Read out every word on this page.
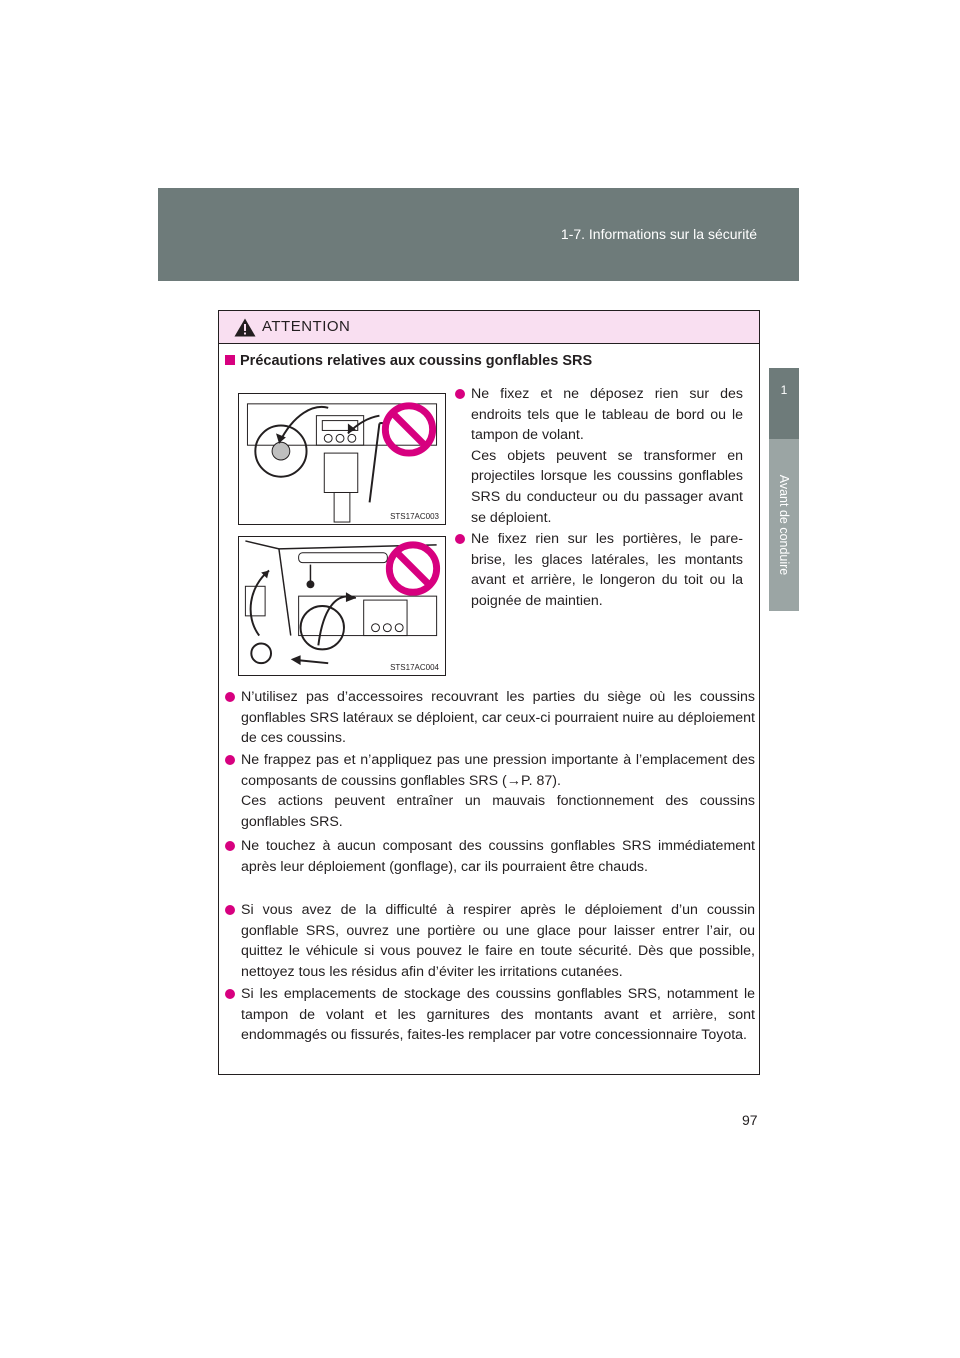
1-7. Informations sur la sécurité
1
Avant de conduire
ATTENTION
Précautions relatives aux coussins gonflables SRS
STS17AC003
STS17AC004

Ne fixez et ne déposez rien sur des endroits tels que le tableau de bord ou le tampon de volant.

Ces objets peuvent se transformer en projectiles lorsque les coussins gonflables SRS du conducteur ou du passager avant se déploient.

Ne fixez rien sur les portières, le pare-brise, les glaces latérales, les montants avant et arrière, le longeron du toit ou la poignée de maintien.

N’utilisez pas d’accessoires recouvrant les parties du siège où les coussins gonflables SRS latéraux se déploient, car ceux-ci pourraient nuire au déploiement de ces coussins.

Ne frappez pas et n’appliquez pas une pression importante à l’emplacement des composants de coussins gonflables SRS (→P. 87).

Ces actions peuvent entraîner un mauvais fonctionnement des coussins gonflables SRS.

Ne touchez à aucun composant des coussins gonflables SRS immédiatement après leur déploiement (gonflage), car ils pourraient être chauds.

Si vous avez de la difficulté à respirer après le déploiement d’un coussin gonflable SRS, ouvrez une portière ou une glace pour laisser entrer l’air, ou quittez le véhicule si vous pouvez le faire en toute sécurité. Dès que possible, nettoyez tous les résidus afin d’éviter les irritations cutanées.

Si les emplacements de stockage des coussins gonflables SRS, notamment le tampon de volant et les garnitures des montants avant et arrière, sont endommagés ou fissurés, faites-les remplacer par votre concessionnaire Toyota.

97
